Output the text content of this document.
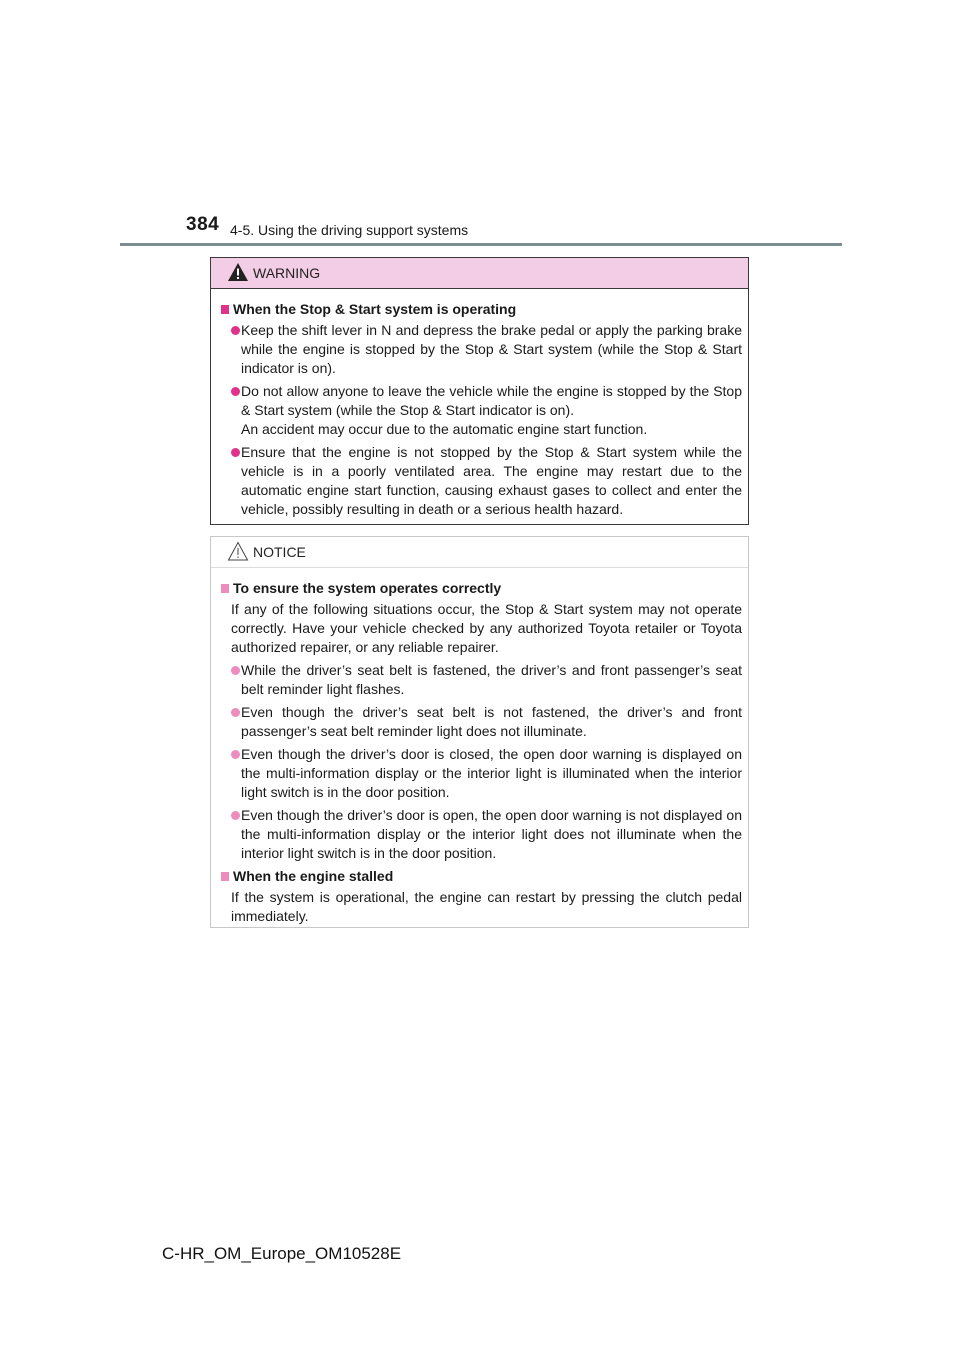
384 4-5. Using the driving support systems
WARNING
When the Stop & Start system is operating
Keep the shift lever in N and depress the brake pedal or apply the parking brake while the engine is stopped by the Stop & Start system (while the Stop & Start indicator is on).
Do not allow anyone to leave the vehicle while the engine is stopped by the Stop & Start system (while the Stop & Start indicator is on).
An accident may occur due to the automatic engine start function.
Ensure that the engine is not stopped by the Stop & Start system while the vehicle is in a poorly ventilated area. The engine may restart due to the automatic engine start function, causing exhaust gases to collect and enter the vehicle, possibly resulting in death or a serious health hazard.
NOTICE
To ensure the system operates correctly
If any of the following situations occur, the Stop & Start system may not operate correctly. Have your vehicle checked by any authorized Toyota retailer or Toyota authorized repairer, or any reliable repairer.
While the driver’s seat belt is fastened, the driver’s and front passenger’s seat belt reminder light flashes.
Even though the driver’s seat belt is not fastened, the driver’s and front passenger’s seat belt reminder light does not illuminate.
Even though the driver’s door is closed, the open door warning is displayed on the multi-information display or the interior light is illuminated when the interior light switch is in the door position.
Even though the driver’s door is open, the open door warning is not displayed on the multi-information display or the interior light does not illuminate when the interior light switch is in the door position.
When the engine stalled
If the system is operational, the engine can restart by pressing the clutch pedal immediately.
C-HR_OM_Europe_OM10528E
